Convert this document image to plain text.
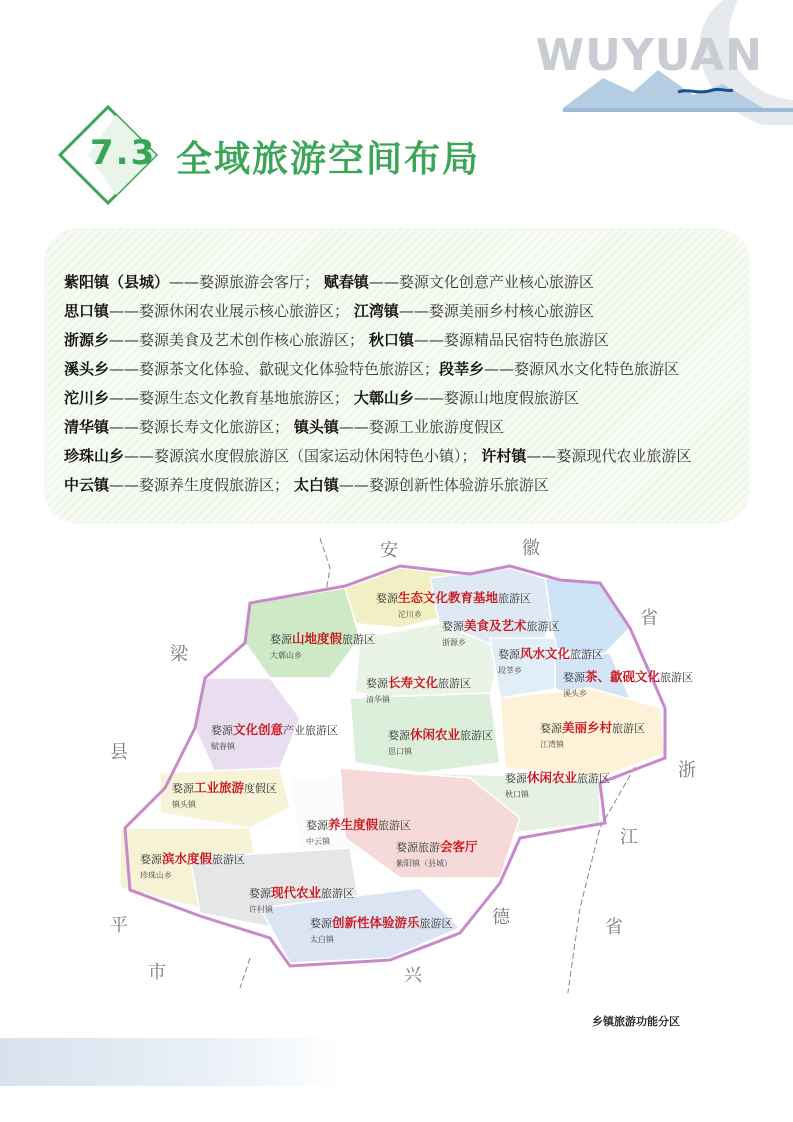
WUYUAN
7.3 全域旅游空间布局
紫阳镇（县城）——婺源旅游会客厅； 赋春镇——婺源文化创意产业核心旅游区
思口镇——婺源休闲农业展示核心旅游区； 江湾镇——婺源美丽乡村核心旅游区
浙源乡——婺源美食及艺术创作核心旅游区； 秋口镇——婺源精品民宿特色旅游区
溪头乡——婺源茶文化体验、歙砚文化体验特色旅游区；段莘乡——婺源风水文化特色旅游区
沱川乡——婺源生态文化教育基地旅游区； 大鄣山乡——婺源山地度假旅游区
清华镇——婺源长寿文化旅游区； 镇头镇——婺源工业旅游度假区
珍珠山乡——婺源滨水度假旅游区（国家运动休闲特色小镇）； 许村镇——婺源现代农业旅游区
中云镇——婺源养生度假旅游区； 太白镇——婺源创新性体验游乐旅游区
安	徽
省
梁
县
浙
江
省
平
市
德
兴
婺源生态文化教育基地旅游区
沱川乡
婺源美食及艺术旅游区
浙源乡
婺源山地度假旅游区
大鄣山乡	婺源风水文化旅游区
段莘乡
婺源茶、歙砚文化旅游区
溪头乡
婺源长寿文化旅游区
清华镇
婺源文化创意产业旅游区
赋春镇
婺源休闲农业旅游区
思口镇
婺源美丽乡村旅游区
江湾镇
婺源工业旅游度假区
镇头镇
婺源休闲农业旅游区
秋口镇
婺源养生度假旅游区
中云镇	婺源旅游会客厅
紫阳镇（县城）
婺源滨水度假旅游区
珍珠山乡
婺源现代农业旅游区
许村镇
婺源创新性体验游乐旅游区
太白镇
乡镇旅游功能分区
